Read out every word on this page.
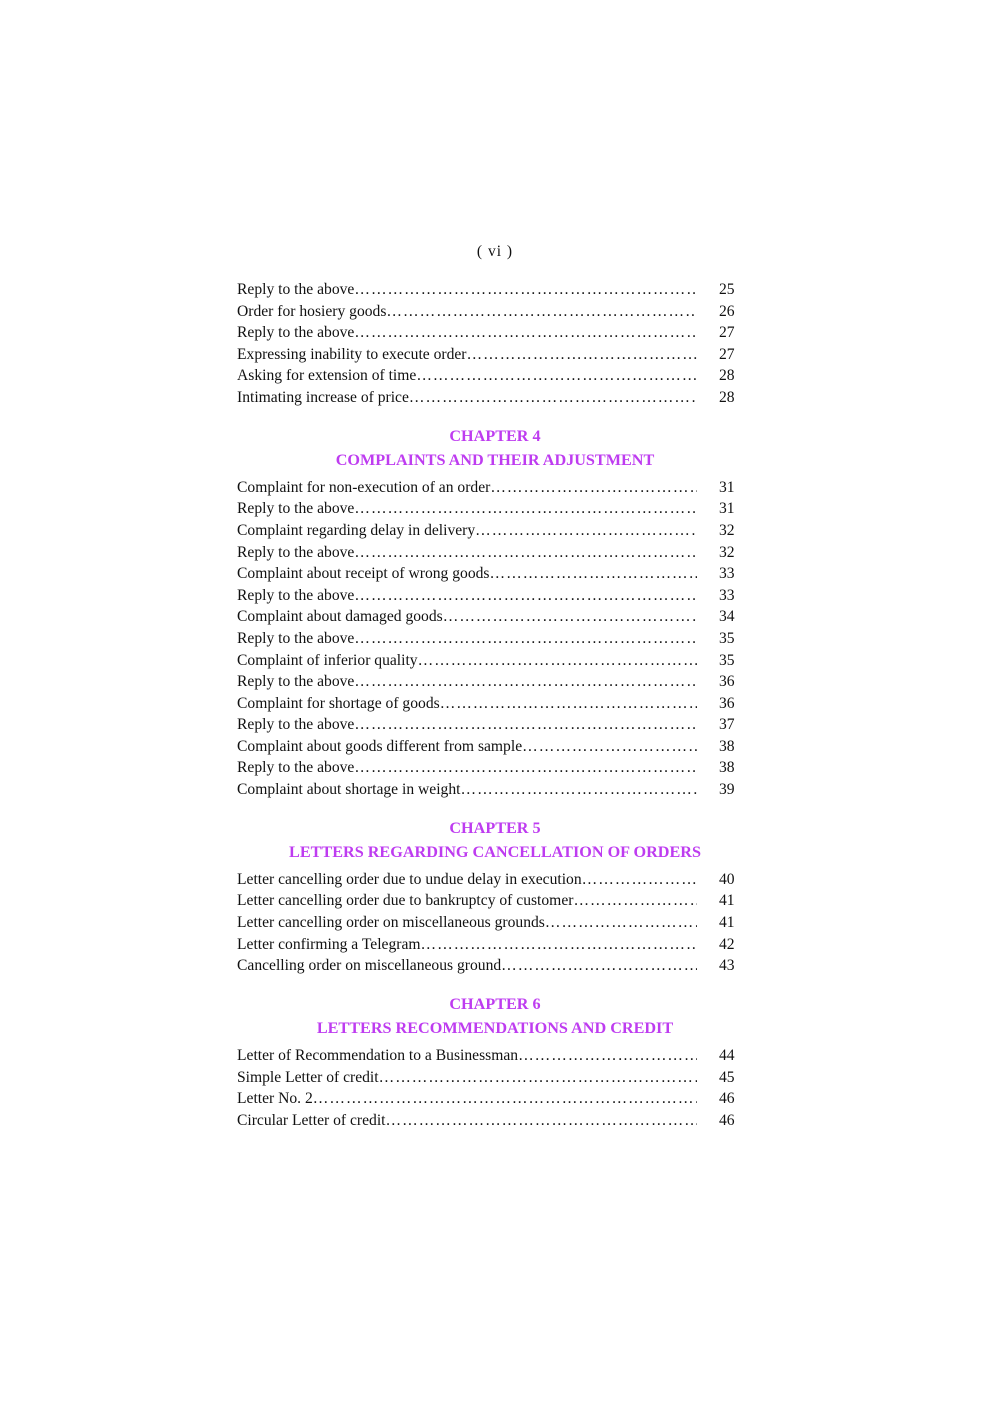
( vi )
Reply to the above ………………………………………………………………………………………………………………………………	25
Order for hosiery goods ………………………………………………………………………………………………………………………………	26
Reply to the above ………………………………………………………………………………………………………………………………	27
Expressing inability to execute order ………………………………………………………………………………………………………………………………	27
Asking for extension of time ………………………………………………………………………………………………………………………………	28
Intimating increase of price ………………………………………………………………………………………………………………………………	28
CHAPTER 4
COMPLAINTS AND THEIR ADJUSTMENT
Complaint for non-execution of an order ………………………………………………………………………………………………………………………………	31
Reply to the above ………………………………………………………………………………………………………………………………	31
Complaint regarding delay in delivery ………………………………………………………………………………………………………………………………	32
Reply to the above ………………………………………………………………………………………………………………………………	32
Complaint about receipt of wrong goods ………………………………………………………………………………………………………………………………	33
Reply to the above ………………………………………………………………………………………………………………………………	33
Complaint about damaged goods ………………………………………………………………………………………………………………………………	34
Reply to the above ………………………………………………………………………………………………………………………………	35
Complaint of inferior quality ………………………………………………………………………………………………………………………………	35
Reply to the above ………………………………………………………………………………………………………………………………	36
Complaint for shortage of goods ………………………………………………………………………………………………………………………………	36
Reply to the above ………………………………………………………………………………………………………………………………	37
Complaint about goods different from sample ………………………………………………………………………………………………………………………………	38
Reply to the above ………………………………………………………………………………………………………………………………	38
Complaint about shortage in weight ………………………………………………………………………………………………………………………………	39
CHAPTER 5
LETTERS REGARDING CANCELLATION OF ORDERS
Letter cancelling order due to undue delay in execution ………………………………………………………………………………………………………………………………	40
Letter cancelling order due to bankruptcy of customer ………………………………………………………………………………………………………………………………	41
Letter cancelling order on miscellaneous grounds ………………………………………………………………………………………………………………………………	41
Letter confirming a Telegram ………………………………………………………………………………………………………………………………	42
Cancelling order on miscellaneous ground ………………………………………………………………………………………………………………………………	43
CHAPTER 6
LETTERS RECOMMENDATIONS AND CREDIT
Letter of Recommendation to a Businessman ………………………………………………………………………………………………………………………………	44
Simple Letter of credit ………………………………………………………………………………………………………………………………	45
Letter No. 2 ………………………………………………………………………………………………………………………………	46
Circular Letter of credit ………………………………………………………………………………………………………………………………	46
